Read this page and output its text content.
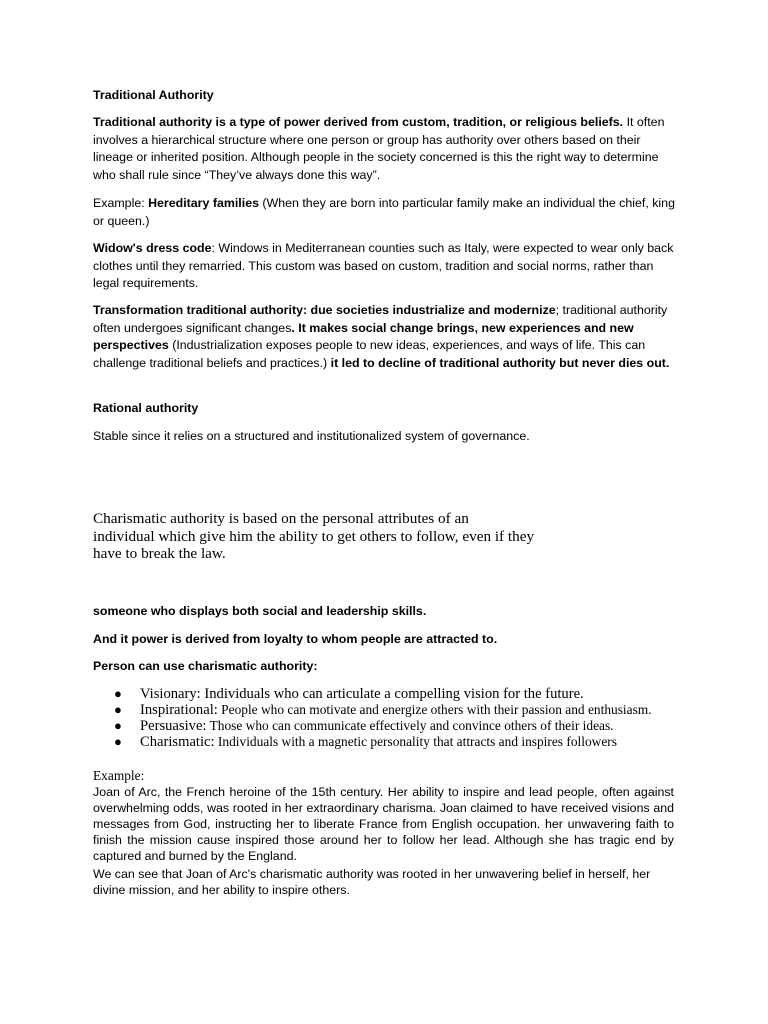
Traditional Authority

Traditional authority is a type of power derived from custom, tradition, or religious beliefs. It often involves a hierarchical structure where one person or group has authority over others based on their lineage or inherited position. Although people in the society concerned is this the right way to determine who shall rule since “They’ve always done this way”.

Example: Hereditary families (When they are born into particular family make an individual the chief, king or queen.)

Widow's dress code: Windows in Mediterranean counties such as Italy, were expected to wear only back clothes until they remarried. This custom was based on custom, tradition and social norms, rather than legal requirements.

Transformation traditional authority: due societies industrialize and modernize; traditional authority often undergoes significant changes. It makes social change brings, new experiences and new perspectives (Industrialization exposes people to new ideas, experiences, and ways of life. This can challenge traditional beliefs and practices.) it led to decline of traditional authority but never dies out.

Rational authority

Stable since it relies on a structured and institutionalized system of governance.

Charismatic authority is based on the personal attributes of an
individual which give him the ability to get others to follow, even if they
have to break the law.

someone who displays both social and leadership skills.

And it power is derived from loyalty to whom people are attracted to.

Person can use charismatic authority:

● Visionary: Individuals who can articulate a compelling vision for the future.
● Inspirational: People who can motivate and energize others with their passion and enthusiasm.
● Persuasive: Those who can communicate effectively and convince others of their ideas.
● Charismatic: Individuals with a magnetic personality that attracts and inspires followers

Example:

Joan of Arc, the French heroine of the 15th century. Her ability to inspire and lead people, often against overwhelming odds, was rooted in her extraordinary charisma. Joan claimed to have received visions and messages from God, instructing her to liberate France from English occupation. her unwavering faith to finish the mission cause inspired those around her to follow her lead. Although she has tragic end by captured and burned by the England.

We can see that Joan of Arc's charismatic authority was rooted in her unwavering belief in herself, her divine mission, and her ability to inspire others.
